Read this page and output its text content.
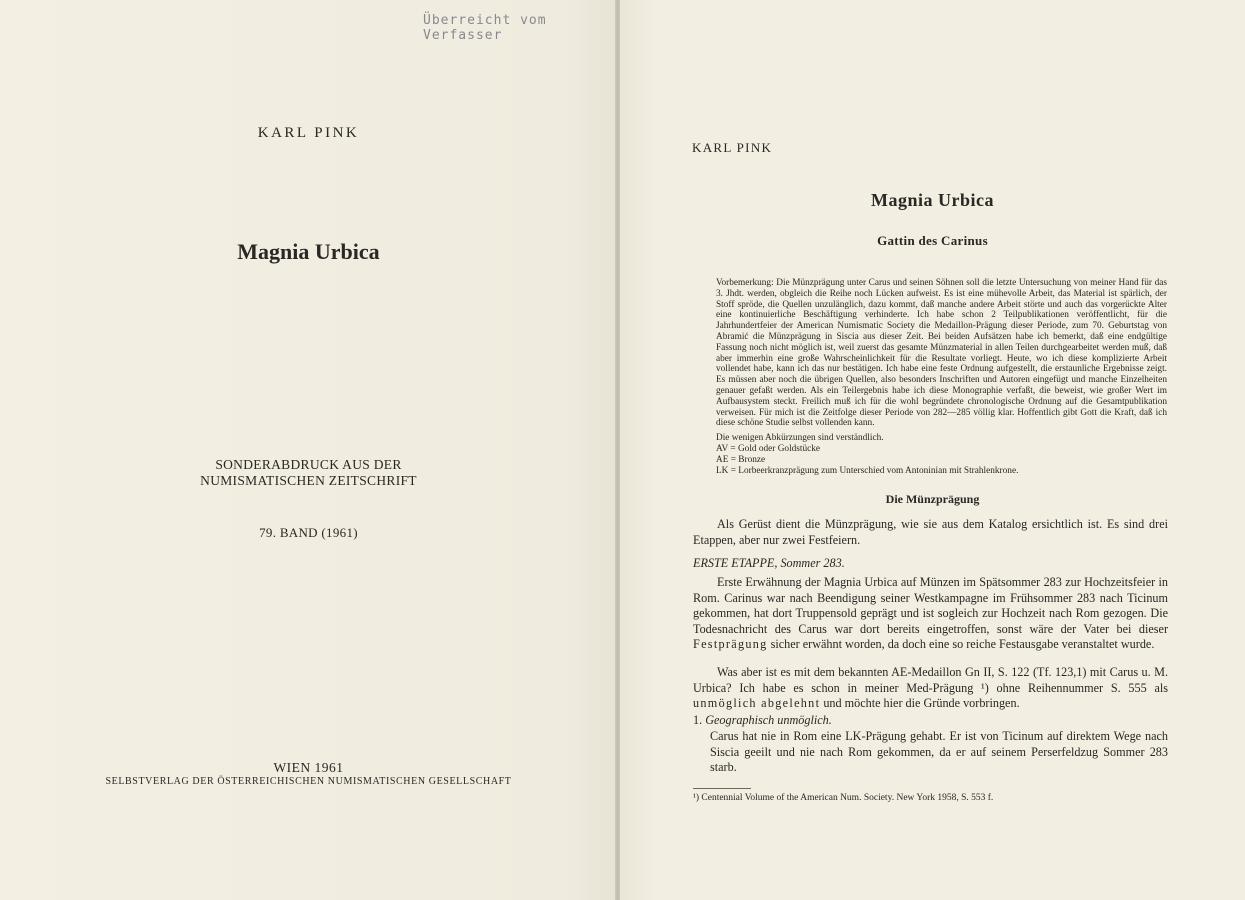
Überreicht vom Verfasser
KARL PINK
Magnia Urbica
SONDERABDRUCK AUS DER
NUMISMATISCHEN ZEITSCHRIFT
79. BAND (1961)
WIEN 1961
SELBSTVERLAG DER ÖSTERREICHISCHEN NUMISMATISCHEN GESELLSCHAFT
KARL PINK
Magnia Urbica
Gattin des Carinus
Vorbemerkung: Die Münzprägung unter Carus und seinen Söhnen soll die letzte Untersuchung von meiner Hand für das 3. Jhdt. werden, obgleich die Reihe noch Lücken aufweist. Es ist eine mühevolle Arbeit, das Material ist spärlich, der Stoff spröde, die Quellen unzulänglich, dazu kommt, daß manche andere Arbeit störte und auch das vorgerückte Alter eine kontinuierliche Beschäftigung verhinderte. Ich habe schon 2 Teilpublikationen veröffentlicht, für die Jahrhundertfeier der American Numismatic Society die Medaillon-Prägung dieser Periode, zum 70. Geburtstag von Abramić die Münzprägung in Siscia aus dieser Zeit. Bei beiden Aufsätzen habe ich bemerkt, daß eine endgültige Fassung noch nicht möglich ist, weil zuerst das gesamte Münzmaterial in allen Teilen durchgearbeitet werden muß, daß aber immerhin eine große Wahrscheinlichkeit für die Resultate vorliegt. Heute, wo ich diese komplizierte Arbeit vollendet habe, kann ich das nur bestätigen. Ich habe eine feste Ordnung aufgestellt, die erstaunliche Ergebnisse zeigt. Es müssen aber noch die übrigen Quellen, also besonders Inschriften und Autoren eingefügt und manche Einzelheiten genauer gefaßt werden. Als ein Teilergebnis habe ich diese Monographie verfaßt, die beweist, wie großer Wert im Aufbausystem steckt. Freilich muß ich für die wohl begründete chronologische Ordnung auf die Gesamtpublikation verweisen. Für mich ist die Zeitfolge dieser Periode von 282—285 völlig klar. Hoffentlich gibt Gott die Kraft, daß ich diese schöne Studie selbst vollenden kann.
Die wenigen Abkürzungen sind verständlich.
AV = Gold oder Goldstücke
AE = Bronze
LK = Lorbeerkranzprägung zum Unterschied vom Antoninian mit Strahlenkrone.
Die Münzprägung
Als Gerüst dient die Münzprägung, wie sie aus dem Katalog ersichtlich ist. Es sind drei Etappen, aber nur zwei Festfeiern.
ERSTE ETAPPE, Sommer 283.
Erste Erwähnung der Magnia Urbica auf Münzen im Spätsommer 283 zur Hochzeitsfeier in Rom. Carinus war nach Beendigung seiner Westkampagne im Frühsommer 283 nach Ticinum gekommen, hat dort Truppensold geprägt und ist sogleich zur Hochzeit nach Rom gezogen. Die Todesnachricht des Carus war dort bereits eingetroffen, sonst wäre der Vater bei dieser Festprägung sicher erwähnt worden, da doch eine so reiche Festausgabe veranstaltet wurde.
Was aber ist es mit dem bekannten AE-Medaillon Gn II, S. 122 (Tf. 123,1) mit Carus u. M. Urbica? Ich habe es schon in meiner Med-Prägung ¹) ohne Reihennummer S. 555 als unmöglich abgelehnt und möchte hier die Gründe vorbringen.
1. Geographisch unmöglich.
Carus hat nie in Rom eine LK-Prägung gehabt. Er ist von Ticinum auf direktem Wege nach Siscia geeilt und nie nach Rom gekommen, da er auf seinem Perserfeldzug Sommer 283 starb.
¹) Centennial Volume of the American Num. Society. New York 1958, S. 553 f.
